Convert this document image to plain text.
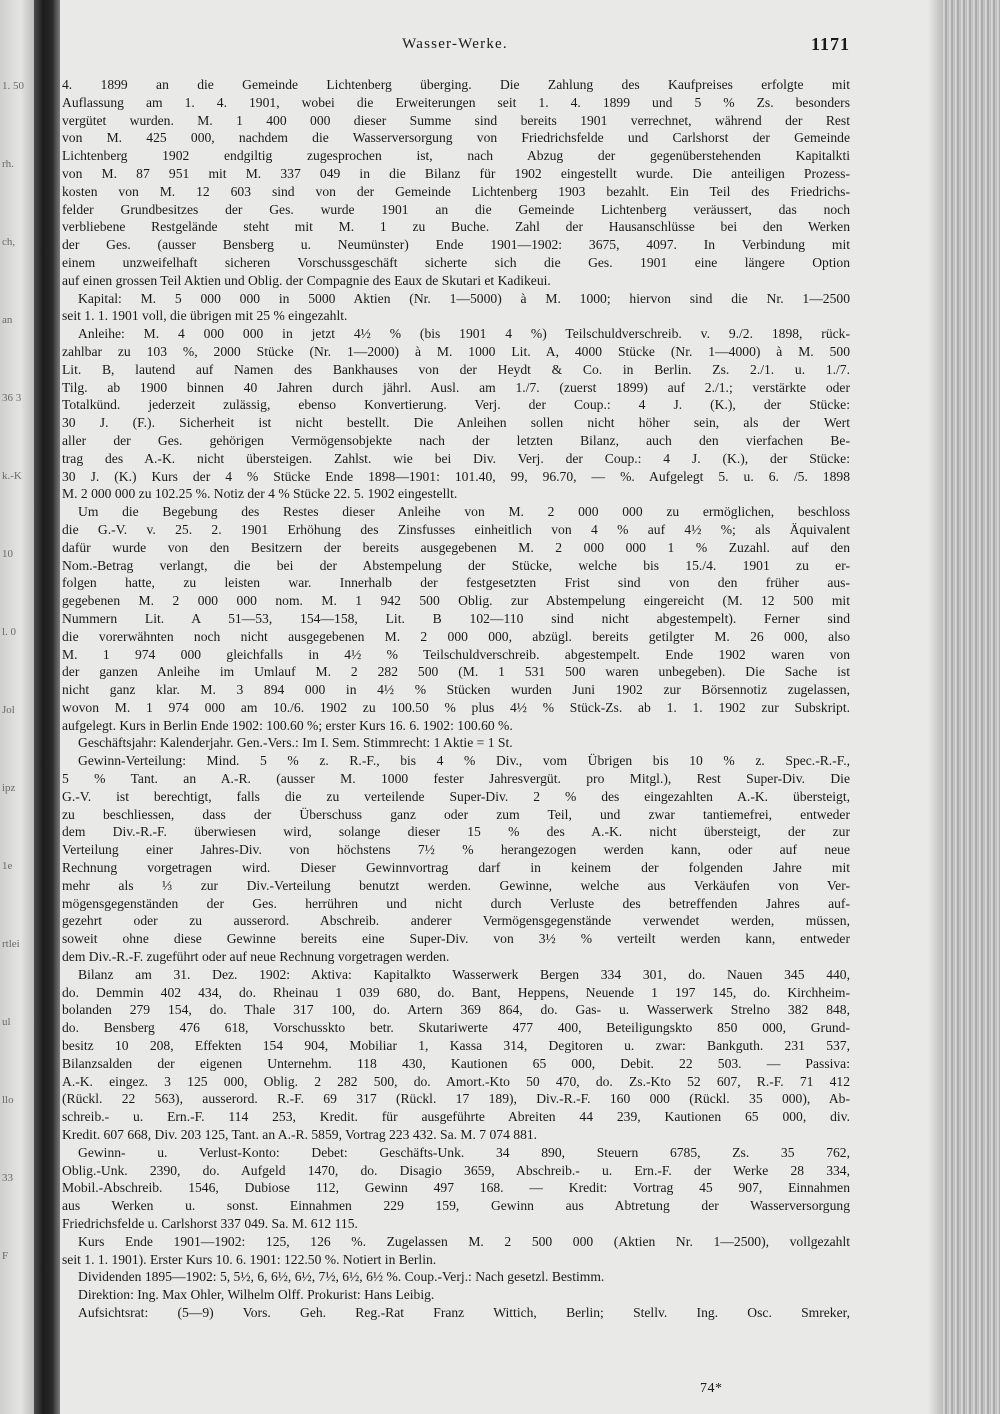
1. 50
rh.
ch,
an
36 3
k.-K
10
l. 0
Jol
ipz
1e
rtlei
ul
llo
33
F
Wasser-Werke.	1171
4. 1899 an die Gemeinde Lichtenberg überging. Die Zahlung des Kaufpreises erfolgte mit
Auflassung am 1. 4. 1901, wobei die Erweiterungen seit 1. 4. 1899 und 5 % Zs. besonders
vergütet wurden. M. 1 400 000 dieser Summe sind bereits 1901 verrechnet, während der Rest
von M. 425 000, nachdem die Wasserversorgung von Friedrichsfelde und Carlshorst der Gemeinde
Lichtenberg 1902 endgiltig zugesprochen ist, nach Abzug der gegenüberstehenden Kapitalkti
von M. 87 951 mit M. 337 049 in die Bilanz für 1902 eingestellt wurde. Die anteiligen Prozess-
kosten von M. 12 603 sind von der Gemeinde Lichtenberg 1903 bezahlt. Ein Teil des Friedrichs-
felder Grundbesitzes der Ges. wurde 1901 an die Gemeinde Lichtenberg veräussert, das noch
verbliebene Restgelände steht mit M. 1 zu Buche. Zahl der Hausanschlüsse bei den Werken
der Ges. (ausser Bensberg u. Neumünster) Ende 1901—1902: 3675, 4097. In Verbindung mit
einem unzweifelhaft sicheren Vorschussgeschäft sicherte sich die Ges. 1901 eine längere Option
auf einen grossen Teil Aktien und Oblig. der Compagnie des Eaux de Skutari et Kadikeui.
Kapital: M. 5 000 000 in 5000 Aktien (Nr. 1—5000) à M. 1000; hiervon sind die Nr. 1—2500
seit 1. 1. 1901 voll, die übrigen mit 25 % eingezahlt.
Anleihe: M. 4 000 000 in jetzt 4½ % (bis 1901 4 %) Teilschuldverschreib. v. 9./2. 1898, rück-
zahlbar zu 103 %, 2000 Stücke (Nr. 1—2000) à M. 1000 Lit. A, 4000 Stücke (Nr. 1—4000) à M. 500
Lit. B, lautend auf Namen des Bankhauses von der Heydt & Co. in Berlin. Zs. 2./1. u. 1./7.
Tilg. ab 1900 binnen 40 Jahren durch jährl. Ausl. am 1./7. (zuerst 1899) auf 2./1.; verstärkte oder
Totalkünd. jederzeit zulässig, ebenso Konvertierung. Verj. der Coup.: 4 J. (K.), der Stücke:
30 J. (F.). Sicherheit ist nicht bestellt. Die Anleihen sollen nicht höher sein, als der Wert
aller der Ges. gehörigen Vermögensobjekte nach der letzten Bilanz, auch den vierfachen Be-
trag des A.-K. nicht übersteigen. Zahlst. wie bei Div. Verj. der Coup.: 4 J. (K.), der Stücke:
30 J. (K.) Kurs der 4 % Stücke Ende 1898—1901: 101.40, 99, 96.70, — %. Aufgelegt 5. u. 6. /5. 1898
M. 2 000 000 zu 102.25 %. Notiz der 4 % Stücke 22. 5. 1902 eingestellt.
Um die Begebung des Restes dieser Anleihe von M. 2 000 000 zu ermöglichen, beschloss
die G.-V. v. 25. 2. 1901 Erhöhung des Zinsfusses einheitlich von 4 % auf 4½ %; als Äquivalent
dafür wurde von den Besitzern der bereits ausgegebenen M. 2 000 000 1 % Zuzahl. auf den
Nom.-Betrag verlangt, die bei der Abstempelung der Stücke, welche bis 15./4. 1901 zu er-
folgen hatte, zu leisten war. Innerhalb der festgesetzten Frist sind von den früher aus-
gegebenen M. 2 000 000 nom. M. 1 942 500 Oblig. zur Abstempelung eingereicht (M. 12 500 mit
Nummern Lit. A 51—53, 154—158, Lit. B 102—110 sind nicht abgestempelt). Ferner sind
die vorerwähnten noch nicht ausgegebenen M. 2 000 000, abzügl. bereits getilgter M. 26 000, also
M. 1 974 000 gleichfalls in 4½ % Teilschuldverschreib. abgestempelt. Ende 1902 waren von
der ganzen Anleihe im Umlauf M. 2 282 500 (M. 1 531 500 waren unbegeben). Die Sache ist
nicht ganz klar. M. 3 894 000 in 4½ % Stücken wurden Juni 1902 zur Börsennotiz zugelassen,
wovon M. 1 974 000 am 10./6. 1902 zu 100.50 % plus 4½ % Stück-Zs. ab 1. 1. 1902 zur Subskript.
aufgelegt. Kurs in Berlin Ende 1902: 100.60 %; erster Kurs 16. 6. 1902: 100.60 %.
Geschäftsjahr: Kalenderjahr. Gen.-Vers.: Im I. Sem. Stimmrecht: 1 Aktie = 1 St.
Gewinn-Verteilung: Mind. 5 % z. R.-F., bis 4 % Div., vom Übrigen bis 10 % z. Spec.-R.-F.,
5 % Tant. an A.-R. (ausser M. 1000 fester Jahresvergüt. pro Mitgl.), Rest Super-Div. Die
G.-V. ist berechtigt, falls die zu verteilende Super-Div. 2 % des eingezahlten A.-K. übersteigt,
zu beschliessen, dass der Überschuss ganz oder zum Teil, und zwar tantiemefrei, entweder
dem Div.-R.-F. überwiesen wird, solange dieser 15 % des A.-K. nicht übersteigt, der zur
Verteilung einer Jahres-Div. von höchstens 7½ % herangezogen werden kann, oder auf neue
Rechnung vorgetragen wird. Dieser Gewinnvortrag darf in keinem der folgenden Jahre mit
mehr als ⅓ zur Div.-Verteilung benutzt werden. Gewinne, welche aus Verkäufen von Ver-
mögensgegenständen der Ges. herrühren und nicht durch Verluste des betreffenden Jahres auf-
gezehrt oder zu ausserord. Abschreib. anderer Vermögensgegenstände verwendet werden, müssen,
soweit ohne diese Gewinne bereits eine Super-Div. von 3½ % verteilt werden kann, entweder
dem Div.-R.-F. zugeführt oder auf neue Rechnung vorgetragen werden.
Bilanz am 31. Dez. 1902: Aktiva: Kapitalkto Wasserwerk Bergen 334 301, do. Nauen 345 440,
do. Demmin 402 434, do. Rheinau 1 039 680, do. Bant, Heppens, Neuende 1 197 145, do. Kirchheim-
bolanden 279 154, do. Thale 317 100, do. Artern 369 864, do. Gas- u. Wasserwerk Strelno 382 848,
do. Bensberg 476 618, Vorschusskto betr. Skutariwerte 477 400, Beteiligungskto 850 000, Grund-
besitz 10 208, Effekten 154 904, Mobiliar 1, Kassa 314, Degitoren u. zwar: Bankguth. 231 537,
Bilanzsalden der eigenen Unternehm. 118 430, Kautionen 65 000, Debit. 22 503. — Passiva:
A.-K. eingez. 3 125 000, Oblig. 2 282 500, do. Amort.-Kto 50 470, do. Zs.-Kto 52 607, R.-F. 71 412
(Rückl. 22 563), ausserord. R.-F. 69 317 (Rückl. 17 189), Div.-R.-F. 160 000 (Rückl. 35 000), Ab-
schreib.- u. Ern.-F. 114 253, Kredit. für ausgeführte Abreiten 44 239, Kautionen 65 000, div.
Kredit. 607 668, Div. 203 125, Tant. an A.-R. 5859, Vortrag 223 432. Sa. M. 7 074 881.
Gewinn- u. Verlust-Konto: Debet: Geschäfts-Unk. 34 890, Steuern 6785, Zs. 35 762,
Oblig.-Unk. 2390, do. Aufgeld 1470, do. Disagio 3659, Abschreib.- u. Ern.-F. der Werke 28 334,
Mobil.-Abschreib. 1546, Dubiose 112, Gewinn 497 168. — Kredit: Vortrag 45 907, Einnahmen
aus Werken u. sonst. Einnahmen 229 159, Gewinn aus Abtretung der Wasserversorgung
Friedrichsfelde u. Carlshorst 337 049. Sa. M. 612 115.
Kurs Ende 1901—1902: 125, 126 %. Zugelassen M. 2 500 000 (Aktien Nr. 1—2500), vollgezahlt
seit 1. 1. 1901). Erster Kurs 10. 6. 1901: 122.50 %. Notiert in Berlin.
Dividenden 1895—1902: 5, 5½, 6, 6½, 6½, 7½, 6½, 6½ %. Coup.-Verj.: Nach gesetzl. Bestimm.
Direktion: Ing. Max Ohler, Wilhelm Olff. Prokurist: Hans Leibig.
Aufsichtsrat: (5—9) Vors. Geh. Reg.-Rat Franz Wittich, Berlin; Stellv. Ing. Osc. Smreker,
74*
